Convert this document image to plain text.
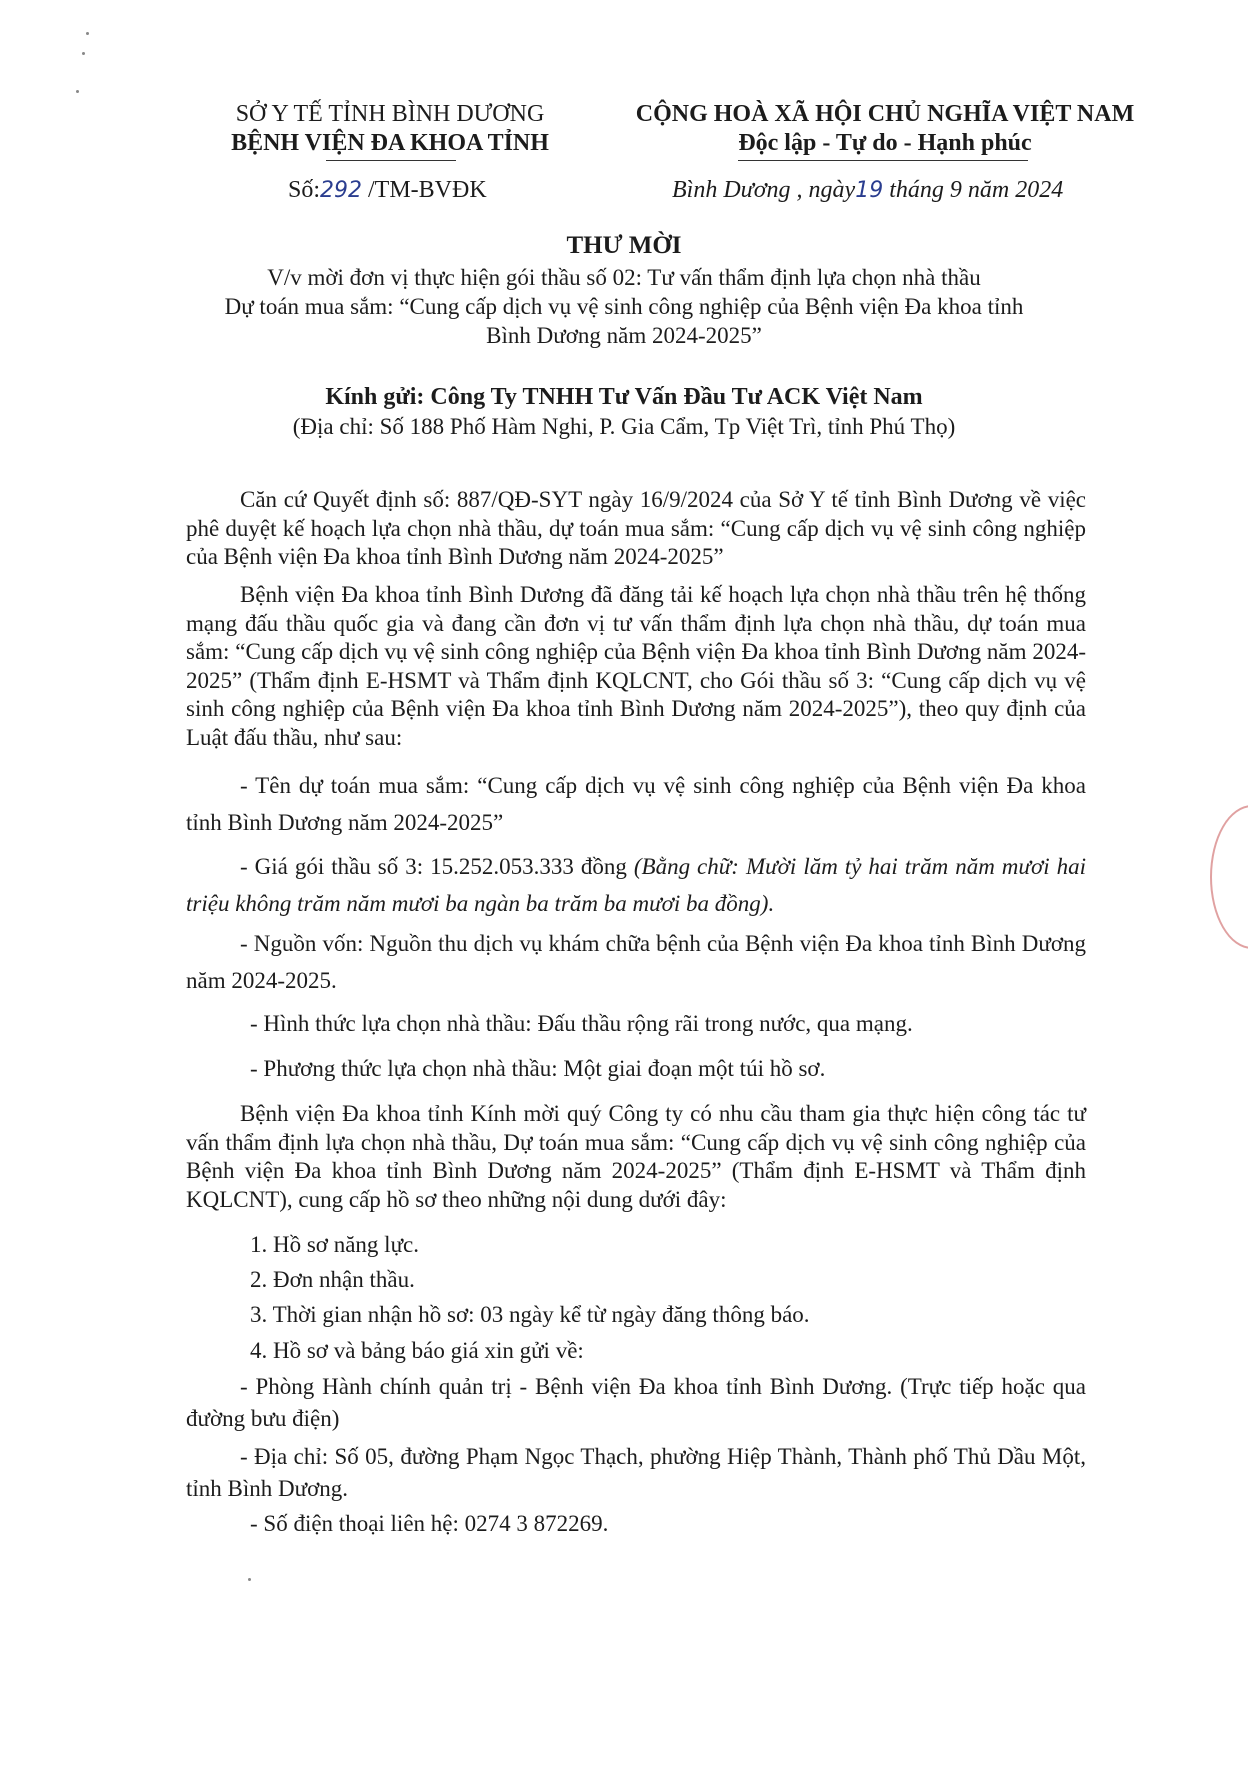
SỞ Y TẾ TỈNH BÌNH DƯƠNG
BỆNH VIỆN ĐA KHOA TỈNH
Số:292 /TM-BVĐK
CỘNG HOÀ XÃ HỘI CHỦ NGHĨA VIỆT NAM
Độc lập - Tự do - Hạnh phúc
Bình Dương , ngày19 tháng 9 năm 2024
THƯ MỜI
V/v mời đơn vị thực hiện gói thầu số 02: Tư vấn thẩm định lựa chọn nhà thầu
Dự toán mua sắm: “Cung cấp dịch vụ vệ sinh công nghiệp của Bệnh viện Đa khoa tỉnh
Bình Dương năm 2024-2025”
Kính gửi: Công Ty TNHH Tư Vấn Đầu Tư ACK Việt Nam
(Địa chỉ: Số 188 Phố Hàm Nghi, P. Gia Cẩm, Tp Việt Trì, tỉnh Phú Thọ)
Căn cứ Quyết định số: 887/QĐ-SYT ngày 16/9/2024 của Sở Y tế tỉnh Bình Dương về việc phê duyệt kế hoạch lựa chọn nhà thầu, dự toán mua sắm: “Cung cấp dịch vụ vệ sinh công nghiệp của Bệnh viện Đa khoa tỉnh Bình Dương năm 2024-2025”
Bệnh viện Đa khoa tỉnh Bình Dương đã đăng tải kế hoạch lựa chọn nhà thầu trên hệ thống mạng đấu thầu quốc gia và đang cần đơn vị tư vấn thẩm định lựa chọn nhà thầu, dự toán mua sắm: “Cung cấp dịch vụ vệ sinh công nghiệp của Bệnh viện Đa khoa tỉnh Bình Dương năm 2024-2025” (Thẩm định E-HSMT và Thẩm định KQLCNT, cho Gói thầu số 3: “Cung cấp dịch vụ vệ sinh công nghiệp của Bệnh viện Đa khoa tỉnh Bình Dương năm 2024-2025”), theo quy định của Luật đấu thầu, như sau:
- Tên dự toán mua sắm: “Cung cấp dịch vụ vệ sinh công nghiệp của Bệnh viện Đa khoa tỉnh Bình Dương năm 2024-2025”
- Giá gói thầu số 3: 15.252.053.333 đồng (Bằng chữ: Mười lăm tỷ hai trăm năm mươi hai triệu không trăm năm mươi ba ngàn ba trăm ba mươi ba đồng).
- Nguồn vốn: Nguồn thu dịch vụ khám chữa bệnh của Bệnh viện Đa khoa tỉnh Bình Dương năm 2024-2025.
- Hình thức lựa chọn nhà thầu: Đấu thầu rộng rãi trong nước, qua mạng.
- Phương thức lựa chọn nhà thầu: Một giai đoạn một túi hồ sơ.
Bệnh viện Đa khoa tỉnh Kính mời quý Công ty có nhu cầu tham gia thực hiện công tác tư vấn thẩm định lựa chọn nhà thầu, Dự toán mua sắm: “Cung cấp dịch vụ vệ sinh công nghiệp của Bệnh viện Đa khoa tỉnh Bình Dương năm 2024-2025” (Thẩm định E-HSMT và Thẩm định KQLCNT), cung cấp hồ sơ theo những nội dung dưới đây:
1. Hồ sơ năng lực.
2. Đơn nhận thầu.
3. Thời gian nhận hồ sơ: 03 ngày kể từ ngày đăng thông báo.
4. Hồ sơ và bảng báo giá xin gửi về:
- Phòng Hành chính quản trị - Bệnh viện Đa khoa tỉnh Bình Dương. (Trực tiếp hoặc qua đường bưu điện)
- Địa chỉ: Số 05, đường Phạm Ngọc Thạch, phường Hiệp Thành, Thành phố Thủ Dầu Một, tỉnh Bình Dương.
- Số điện thoại liên hệ: 0274 3 872269.
